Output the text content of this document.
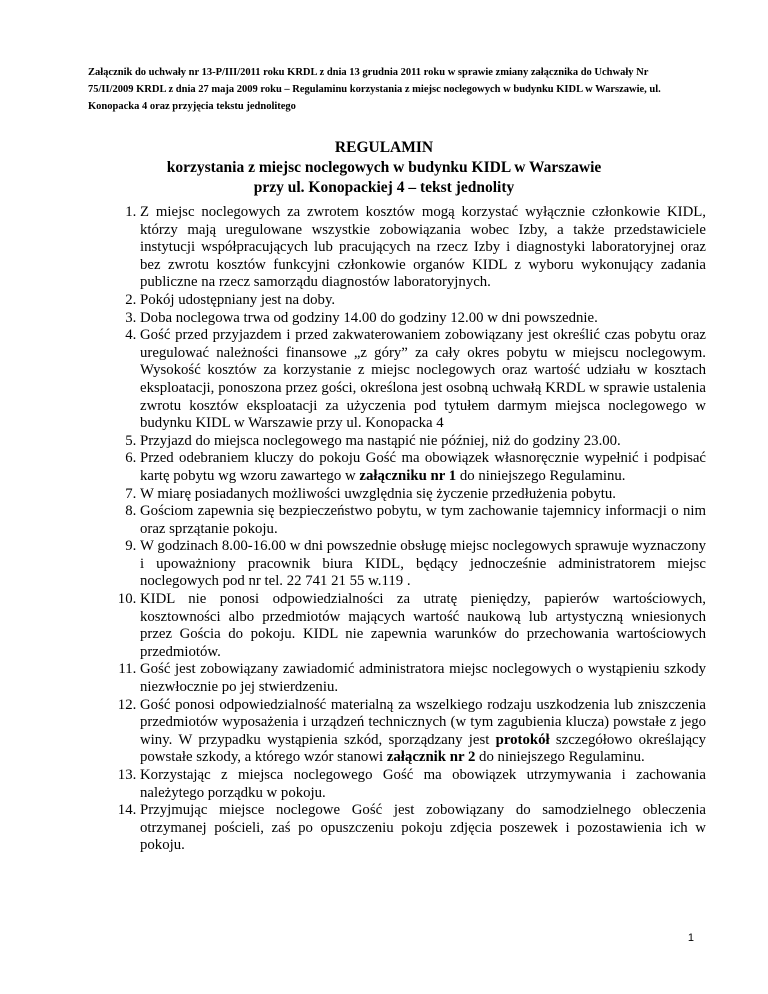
Załącznik do uchwały nr 13-P/III/2011 roku KRDL z dnia 13 grudnia 2011 roku w sprawie zmiany załącznika do Uchwały Nr 75/II/2009 KRDL z dnia 27 maja 2009 roku – Regulaminu korzystania z miejsc noclegowych w budynku KIDL w Warszawie, ul. Konopacka 4 oraz przyjęcia tekstu jednolitego
REGULAMIN
korzystania z miejsc noclegowych w budynku KIDL w Warszawie
przy ul. Konopackiej 4 – tekst jednolity
1. Z miejsc noclegowych za zwrotem kosztów mogą korzystać wyłącznie członkowie KIDL, którzy mają uregulowane wszystkie zobowiązania wobec Izby, a także przedstawiciele instytucji współpracujących lub pracujących na rzecz Izby i diagnostyki laboratoryjnej oraz bez zwrotu kosztów funkcyjni członkowie organów KIDL z wyboru wykonujący zadania publiczne na rzecz samorządu diagnostów laboratoryjnych.
2. Pokój udostępniany jest na doby.
3. Doba noclegowa trwa od godziny 14.00 do godziny 12.00 w dni powszednie.
4. Gość przed przyjazdem i przed zakwaterowaniem zobowiązany jest określić czas pobytu oraz uregulować należności finansowe „z góry” za cały okres pobytu w miejscu noclegowym. Wysokość kosztów za korzystanie z miejsc noclegowych oraz wartość udziału w kosztach eksploatacji, ponoszona przez gości, określona jest osobną uchwałą KRDL w sprawie ustalenia zwrotu kosztów eksploatacji za użyczenia pod tytułem darmym miejsca noclegowego w budynku KIDL w Warszawie przy ul. Konopacka 4
5. Przyjazd do miejsca noclegowego ma nastąpić nie później, niż do godziny 23.00.
6. Przed odebraniem kluczy do pokoju Gość ma obowiązek własnoręcznie wypełnić i podpisać kartę pobytu wg wzoru zawartego w załączniku nr 1 do niniejszego Regulaminu.
7. W miarę posiadanych możliwości uwzględnia się życzenie przedłużenia pobytu.
8. Gościom zapewnia się bezpieczeństwo pobytu, w tym zachowanie tajemnicy informacji o nim oraz sprzątanie pokoju.
9. W godzinach 8.00-16.00 w dni powszednie obsługę miejsc noclegowych sprawuje wyznaczony i upoważniony pracownik biura KIDL, będący jednocześnie administratorem miejsc noclegowych pod nr tel. 22 741 21 55 w.119 .
10. KIDL nie ponosi odpowiedzialności za utratę pieniędzy, papierów wartościowych, kosztowności albo przedmiotów mających wartość naukową lub artystyczną wniesionych przez Gościa do pokoju. KIDL nie zapewnia warunków do przechowania wartościowych przedmiotów.
11. Gość jest zobowiązany zawiadomić administratora miejsc noclegowych o wystąpieniu szkody niezwłocznie po jej stwierdzeniu.
12. Gość ponosi odpowiedzialność materialną za wszelkiego rodzaju uszkodzenia lub zniszczenia przedmiotów wyposażenia i urządzeń technicznych (w tym zagubienia klucza) powstałe z jego winy. W przypadku wystąpienia szkód, sporządzany jest protokół szczegółowo określający powstałe szkody, a którego wzór stanowi załącznik nr 2 do niniejszego Regulaminu.
13. Korzystając z miejsca noclegowego Gość ma obowiązek utrzymywania i zachowania należytego porządku w pokoju.
14. Przyjmując miejsce noclegowe Gość jest zobowiązany do samodzielnego obleczenia otrzymanej pościeli, zaś po opuszczeniu pokoju zdjęcia poszewek i pozostawienia ich w pokoju.
1
